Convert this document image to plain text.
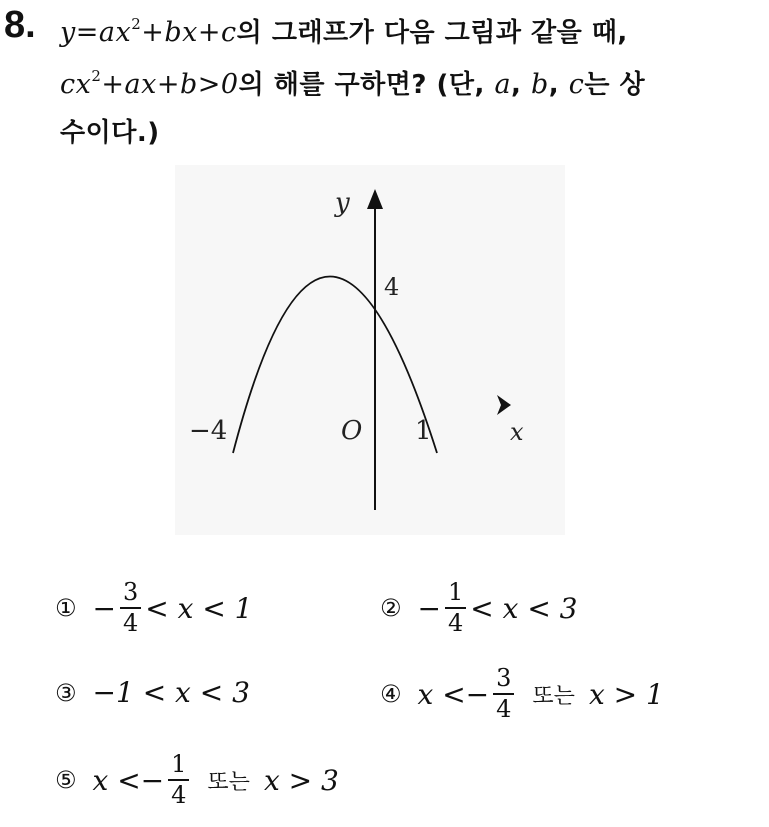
8. $y=ax^2+bx+c$의 그래프가 다음 그림과 같을 때,
$cx^2+ax+b>0$의 해를 구하면? (단, a, b, c는 상
수이다.)
y
x
4
O
−4	1
① − $\frac{3}{4} < x < 1$	② − $\frac{1}{4} < x < 3$
③ −1 < x < 3	④ $x <- \frac{3}{4}$ 또는 x > 1
⑤ $x <- \frac{1}{4}$ 또는 x > 3
